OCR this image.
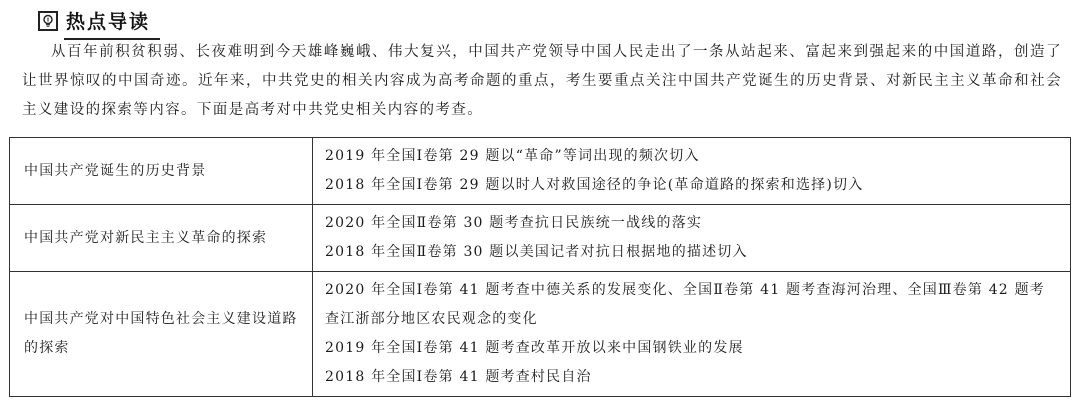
热点导读

从百年前积贫积弱、长夜难明到今天雄峰巍峨、伟大复兴，中国共产党领导中国人民走出了一条从站起来、富起来到强起来的中国道路，创造了让世界惊叹的中国奇迹。近年来，中共党史的相关内容成为高考命题的重点，考生要重点关注中国共产党诞生的历史背景、对新民主主义革命和社会主义建设的探索等内容。下面是高考对中共党史相关内容的考查。

中国共产党诞生的历史背景	2019 年全国Ⅰ卷第 29 题以“革命”等词出现的频次切入
2018 年全国Ⅰ卷第 29 题以时人对救国途径的争论(革命道路的探索和选择)切入

中国共产党对新民主主义革命的探索	2020 年全国Ⅱ卷第 30 题考查抗日民族统一战线的落实
2018 年全国Ⅱ卷第 30 题以美国记者对抗日根据地的描述切入

中国共产党对中国特色社会主义建设道路的探索	2020 年全国Ⅰ卷第 41 题考查中德关系的发展变化、全国Ⅱ卷第 41 题考查海河治理、全国Ⅲ卷第 42 题考查江浙部分地区农民观念的变化
2019 年全国Ⅰ卷第 41 题考查改革开放以来中国钢铁业的发展
2018 年全国Ⅰ卷第 41 题考查村民自治
